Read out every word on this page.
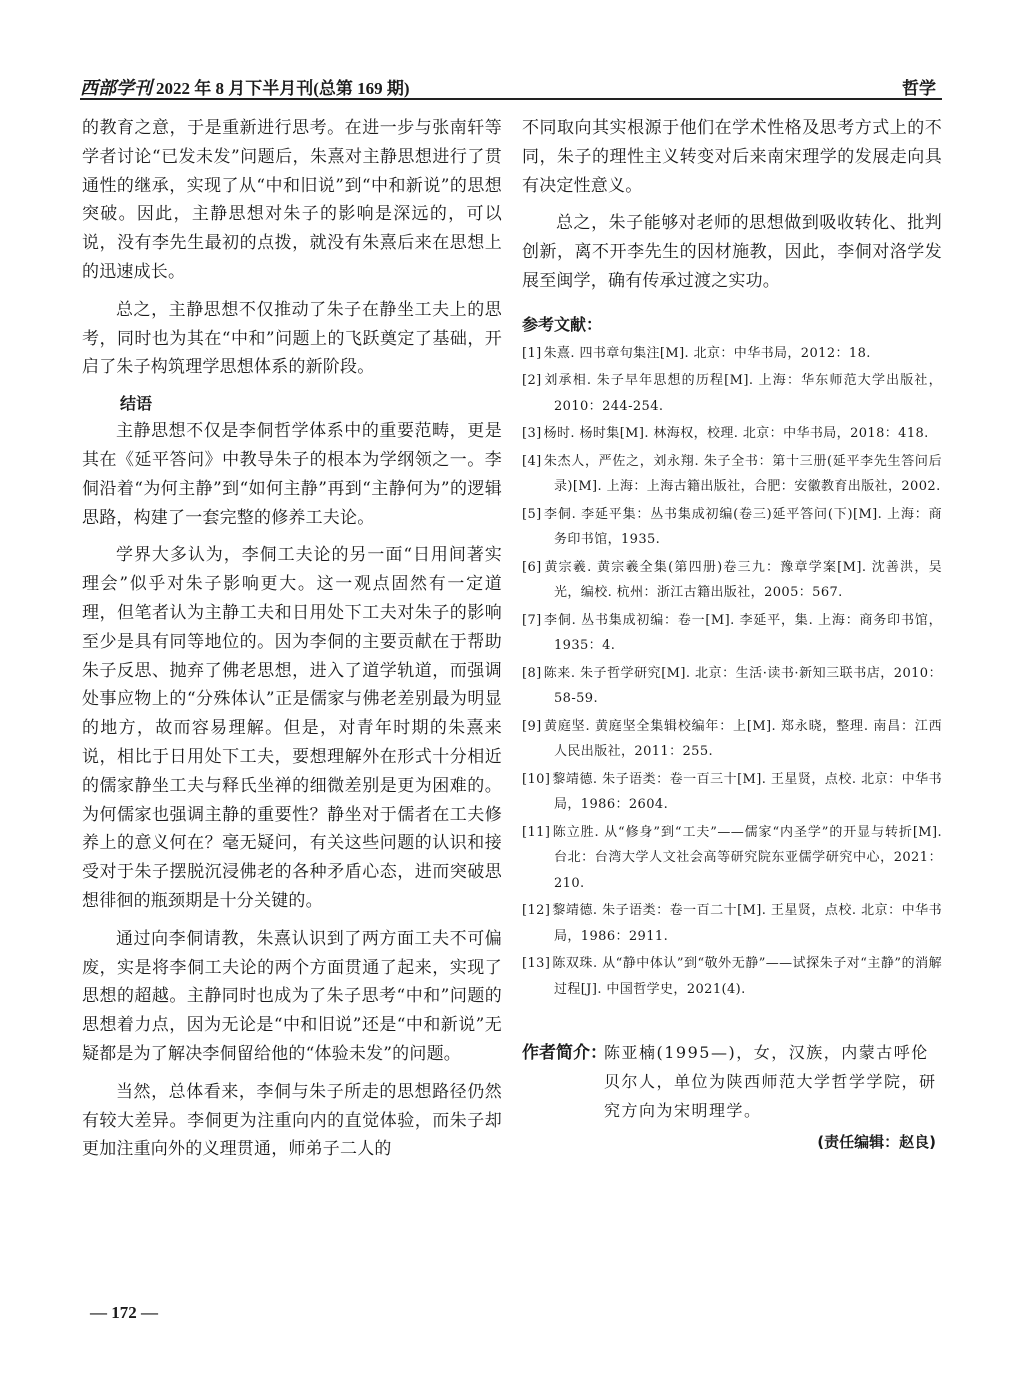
西部学刊 2022 年 8 月下半月刊(总第 169 期)	哲学

的教育之意，于是重新进行思考。在进一步与张南轩等学者讨论“已发未发”问题后，朱熹对主静思想进行了贯通性的继承，实现了从“中和旧说”到“中和新说”的思想突破。因此，主静思想对朱子的影响是深远的，可以说，没有李先生最初的点拨，就没有朱熹后来在思想上的迅速成长。

总之，主静思想不仅推动了朱子在静坐工夫上的思考，同时也为其在“中和”问题上的飞跃奠定了基础，开启了朱子构筑理学思想体系的新阶段。

结语

主静思想不仅是李侗哲学体系中的重要范畴，更是其在《延平答问》中教导朱子的根本为学纲领之一。李侗沿着“为何主静”到“如何主静”再到“主静何为”的逻辑思路，构建了一套完整的修养工夫论。

学界大多认为，李侗工夫论的另一面“日用间著实理会”似乎对朱子影响更大。这一观点固然有一定道理，但笔者认为主静工夫和日用处下工夫对朱子的影响至少是具有同等地位的。因为李侗的主要贡献在于帮助朱子反思、抛弃了佛老思想，进入了道学轨道，而强调处事应物上的“分殊体认”正是儒家与佛老差别最为明显的地方，故而容易理解。但是，对青年时期的朱熹来说，相比于日用处下工夫，要想理解外在形式十分相近的儒家静坐工夫与释氏坐禅的细微差别是更为困难的。为何儒家也强调主静的重要性？静坐对于儒者在工夫修养上的意义何在？毫无疑问，有关这些问题的认识和接受对于朱子摆脱沉浸佛老的各种矛盾心态，进而突破思想徘徊的瓶颈期是十分关键的。

通过向李侗请教，朱熹认识到了两方面工夫不可偏废，实是将李侗工夫论的两个方面贯通了起来，实现了思想的超越。主静同时也成为了朱子思考“中和”问题的思想着力点，因为无论是“中和旧说”还是“中和新说”无疑都是为了解决李侗留给他的“体验未发”的问题。

当然，总体看来，李侗与朱子所走的思想路径仍然有较大差异。李侗更为注重向内的直觉体验，而朱子却更加注重向外的义理贯通，师弟子二人的

不同取向其实根源于他们在学术性格及思考方式上的不同，朱子的理性主义转变对后来南宋理学的发展走向具有决定性意义。

总之，朱子能够对老师的思想做到吸收转化、批判创新，离不开李先生的因材施教，因此，李侗对洛学发展至闽学，确有传承过渡之实功。

参考文献：
[1] 朱熹. 四书章句集注[M]. 北京：中华书局，2012：18.
[2] 刘承相. 朱子早年思想的历程[M]. 上海：华东师范大学出版社，2010：244-254.
[3] 杨时. 杨时集[M]. 林海权，校理. 北京：中华书局，2018：418.
[4] 朱杰人，严佐之，刘永翔. 朱子全书：第十三册(延平李先生答问后录)[M]. 上海：上海古籍出版社，合肥：安徽教育出版社，2002.
[5] 李侗. 李延平集：丛书集成初编(卷三)延平答问(下)[M]. 上海：商务印书馆，1935.
[6] 黄宗羲. 黄宗羲全集(第四册)卷三九：豫章学案[M]. 沈善洪，吴光，编校. 杭州：浙江古籍出版社，2005：567.
[7] 李侗. 丛书集成初编：卷一[M]. 李延平，集. 上海：商务印书馆，1935：4.
[8] 陈来. 朱子哲学研究[M]. 北京：生活·读书·新知三联书店，2010：58-59.
[9] 黄庭坚. 黄庭坚全集辑校编年：上[M]. 郑永晓，整理. 南昌：江西人民出版社，2011：255.
[10] 黎靖德. 朱子语类：卷一百三十[M]. 王星贤，点校. 北京：中华书局，1986：2604.
[11] 陈立胜. 从“修身”到“工夫”——儒家“内圣学”的开显与转折[M]. 台北：台湾大学人文社会高等研究院东亚儒学研究中心，2021：210.
[12] 黎靖德. 朱子语类：卷一百二十[M]. 王星贤，点校. 北京：中华书局，1986：2911.
[13] 陈双珠. 从“静中体认”到“敬外无静”——试探朱子对“主静”的消解过程[J]. 中国哲学史，2021(4).
作者简介：
陈亚楠(1995—)，女，汉族，内蒙古呼伦贝尔人，单位为陕西师范大学哲学学院，研究方向为宋明理学。
(责任编辑：赵良)
— 172 —
